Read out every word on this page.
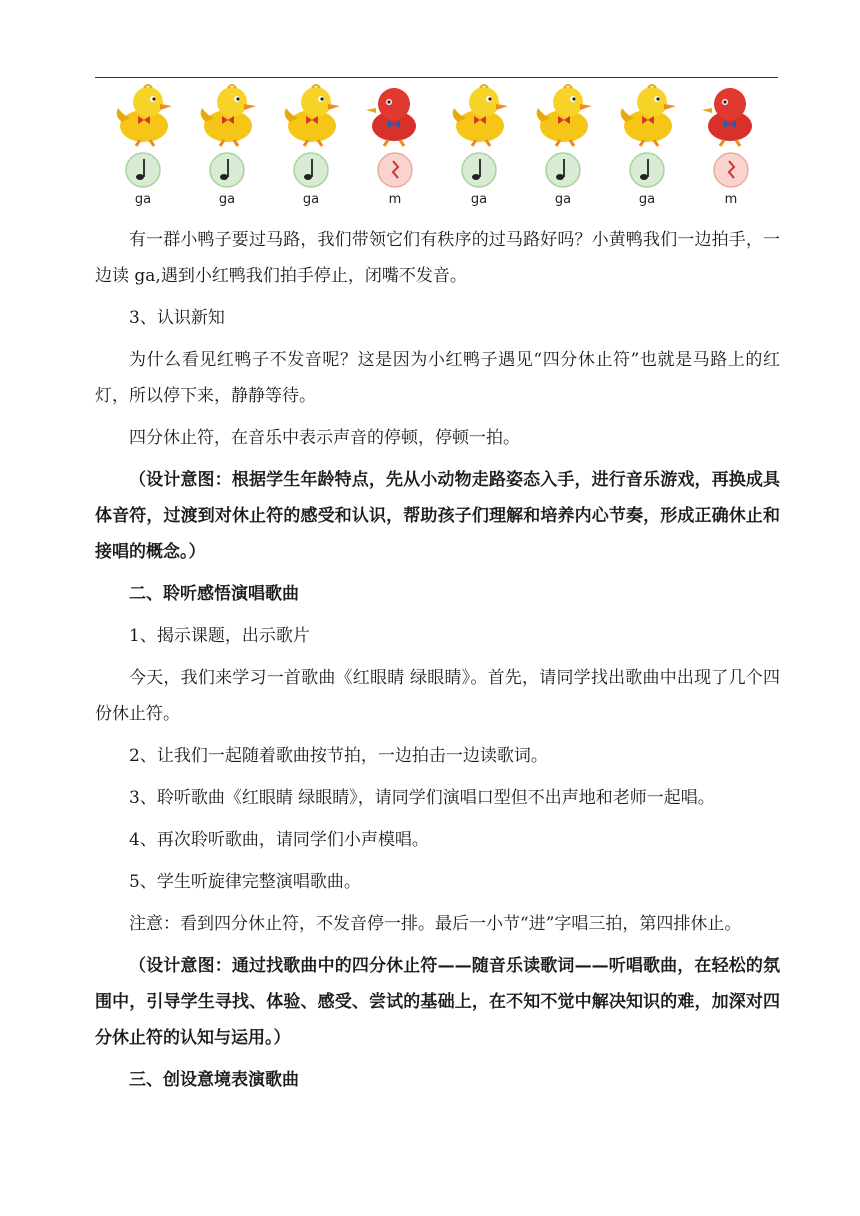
ga	ga	ga	m	ga	ga	ga	m

有一群小鸭子要过马路，我们带领它们有秩序的过马路好吗？小黄鸭我们一边拍手，一边读 ga,遇到小红鸭我们拍手停止，闭嘴不发音。

3、认识新知

为什么看见红鸭子不发音呢？这是因为小红鸭子遇见“四分休止符”也就是马路上的红灯，所以停下来，静静等待。

四分休止符，在音乐中表示声音的停顿，停顿一拍。

（设计意图：根据学生年龄特点，先从小动物走路姿态入手，进行音乐游戏，再换成具体音符，过渡到对休止符的感受和认识，帮助孩子们理解和培养内心节奏，形成正确休止和接唱的概念。）

二、聆听感悟演唱歌曲

1、揭示课题，出示歌片

今天，我们来学习一首歌曲《红眼睛 绿眼睛》。首先，请同学找出歌曲中出现了几个四份休止符。

2、让我们一起随着歌曲按节拍，一边拍击一边读歌词。

3、聆听歌曲《红眼睛 绿眼睛》，请同学们演唱口型但不出声地和老师一起唱。

4、再次聆听歌曲，请同学们小声模唱。

5、学生听旋律完整演唱歌曲。

注意：看到四分休止符，不发音停一排。最后一小节“进”字唱三拍，第四排休止。

（设计意图：通过找歌曲中的四分休止符——随音乐读歌词——听唱歌曲，在轻松的氛围中，引导学生寻找、体验、感受、尝试的基础上，在不知不觉中解决知识的难，加深对四分休止符的认知与运用。）

三、创设意境表演歌曲
